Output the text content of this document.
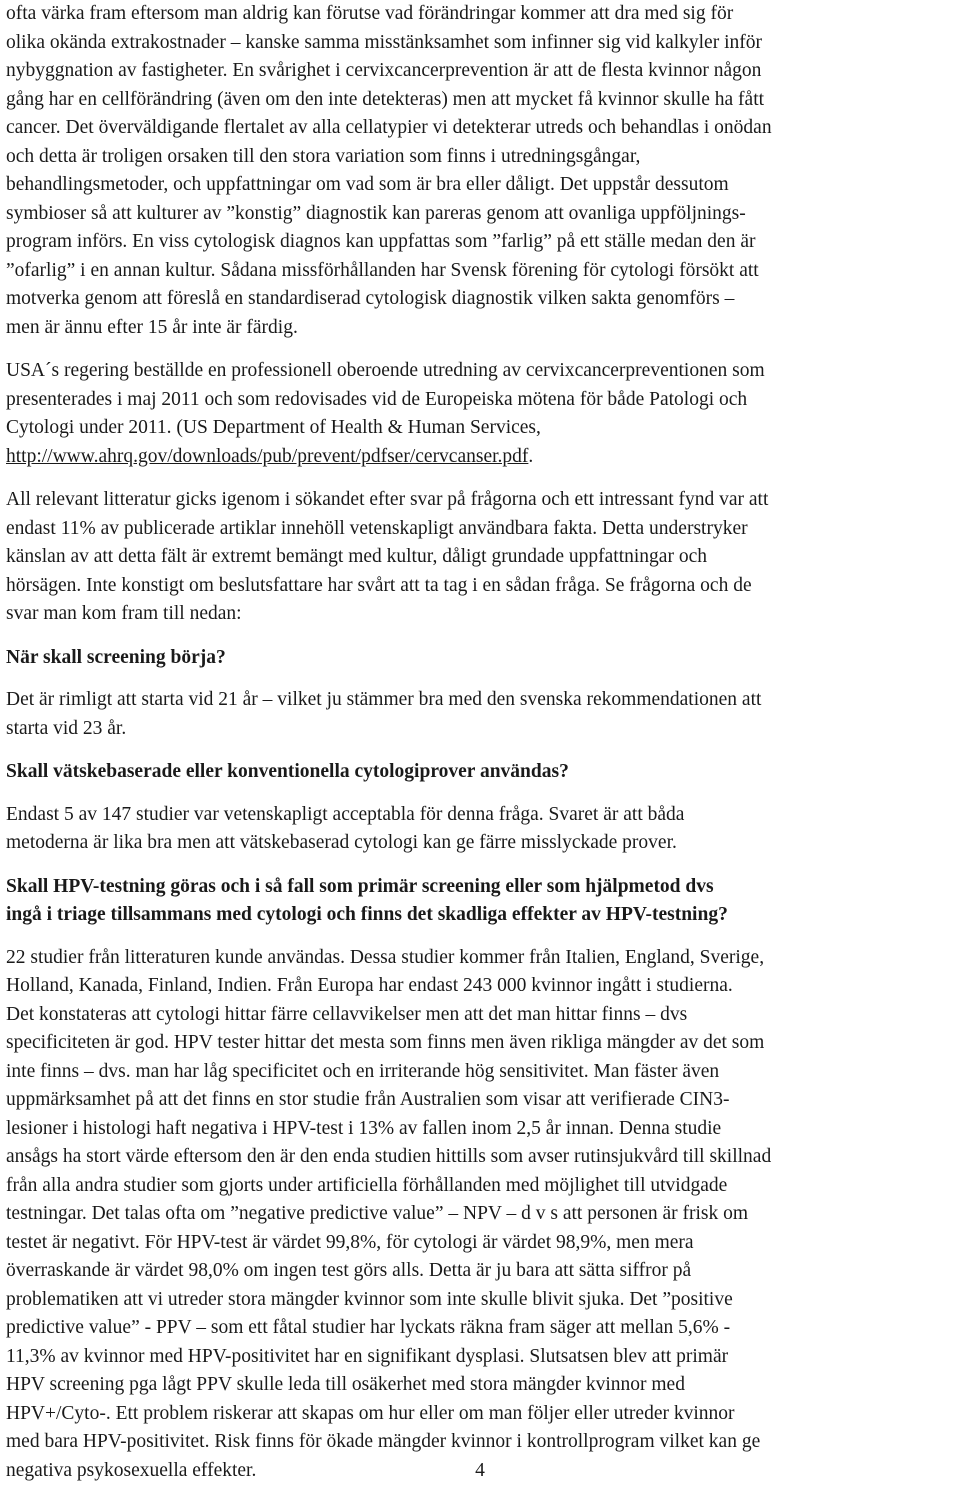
ofta värka fram eftersom man aldrig kan förutse vad förändringar kommer att dra med sig för
olika okända extrakostnader – kanske samma misstänksamhet som infinner sig vid kalkyler inför
nybyggnation av fastigheter. En svårighet i cervixcancerprevention är att de flesta kvinnor någon
gång har en cellförändring (även om den inte detekteras) men att mycket få kvinnor skulle ha fått
cancer. Det överväldigande flertalet av alla cellatypier vi detekterar utreds och behandlas i onödan
och detta är troligen orsaken till den stora variation som finns i utredningsgångar,
behandlingsmetoder, och uppfattningar om vad som är bra eller dåligt. Det uppstår dessutom
symbioser så att kulturer av ”konstig” diagnostik kan pareras genom att ovanliga uppföljnings-
program införs. En viss cytologisk diagnos kan uppfattas som ”farlig” på ett ställe medan den är
”ofarlig” i en annan kultur. Sådana missförhållanden har Svensk förening för cytologi försökt att
motverka genom att föreslå en standardiserad cytologisk diagnostik vilken sakta genomförs –
men är ännu efter 15 år inte är färdig.
USA´s regering beställde en professionell oberoende utredning av cervixcancerpreventionen som
presenterades i maj 2011 och som redovisades vid de Europeiska mötena för både Patologi och
Cytologi under 2011. (US Department of Health & Human Services,
http://www.ahrq.gov/downloads/pub/prevent/pdfser/cervcanser.pdf.
All relevant litteratur gicks igenom i sökandet efter svar på frågorna och ett intressant fynd var att
endast 11% av publicerade artiklar innehöll vetenskapligt användbara fakta. Detta understryker
känslan av att detta fält är extremt bemängt med kultur, dåligt grundade uppfattningar och
hörsägen. Inte konstigt om beslutsfattare har svårt att ta tag i en sådan fråga. Se frågorna och de
svar man kom fram till nedan:
När skall screening börja?
Det är rimligt att starta vid 21 år – vilket ju stämmer bra med den svenska rekommendationen att
starta vid 23 år.
Skall vätskebaserade eller konventionella cytologiprover användas?
Endast 5 av 147 studier var vetenskapligt acceptabla för denna fråga. Svaret är att båda
metoderna är lika bra men att vätskebaserad cytologi kan ge färre misslyckade prover.
Skall HPV-testning göras och i så fall som primär screening eller som hjälpmetod dvs
ingå i triage tillsammans med cytologi och finns det skadliga effekter av HPV-testning?
22 studier från litteraturen kunde användas. Dessa studier kommer från Italien, England, Sverige,
Holland, Kanada, Finland, Indien. Från Europa har endast 243 000 kvinnor ingått i studierna.
Det konstateras att cytologi hittar färre cellavvikelser men att det man hittar finns – dvs
specificiteten är god. HPV tester hittar det mesta som finns men även rikliga mängder av det som
inte finns – dvs. man har låg specificitet och en irriterande hög sensitivitet. Man fäster även
uppmärksamhet på att det finns en stor studie från Australien som visar att verifierade CIN3-
lesioner i histologi haft negativa i HPV-test i 13% av fallen inom 2,5 år innan. Denna studie
ansågs ha stort värde eftersom den är den enda studien hittills som avser rutinsjukvård till skillnad
från alla andra studier som gjorts under artificiella förhållanden med möjlighet till utvidgade
testningar. Det talas ofta om ”negative predictive value” – NPV – d v s att personen är frisk om
testet är negativt. För HPV-test är värdet 99,8%, för cytologi är värdet 98,9%, men mera
överraskande är värdet 98,0% om ingen test görs alls. Detta är ju bara att sätta siffror på
problematiken att vi utreder stora mängder kvinnor som inte skulle blivit sjuka. Det ”positive
predictive value” - PPV – som ett fåtal studier har lyckats räkna fram säger att mellan 5,6% -
11,3% av kvinnor med HPV-positivitet har en signifikant dysplasi. Slutsatsen blev att primär
HPV screening pga lågt PPV skulle leda till osäkerhet med stora mängder kvinnor med
HPV+/Cyto-. Ett problem riskerar att skapas om hur eller om man följer eller utreder kvinnor
med bara HPV-positivitet. Risk finns för ökade mängder kvinnor i kontrollprogram vilket kan ge
negativa psykosexuella effekter.	4
